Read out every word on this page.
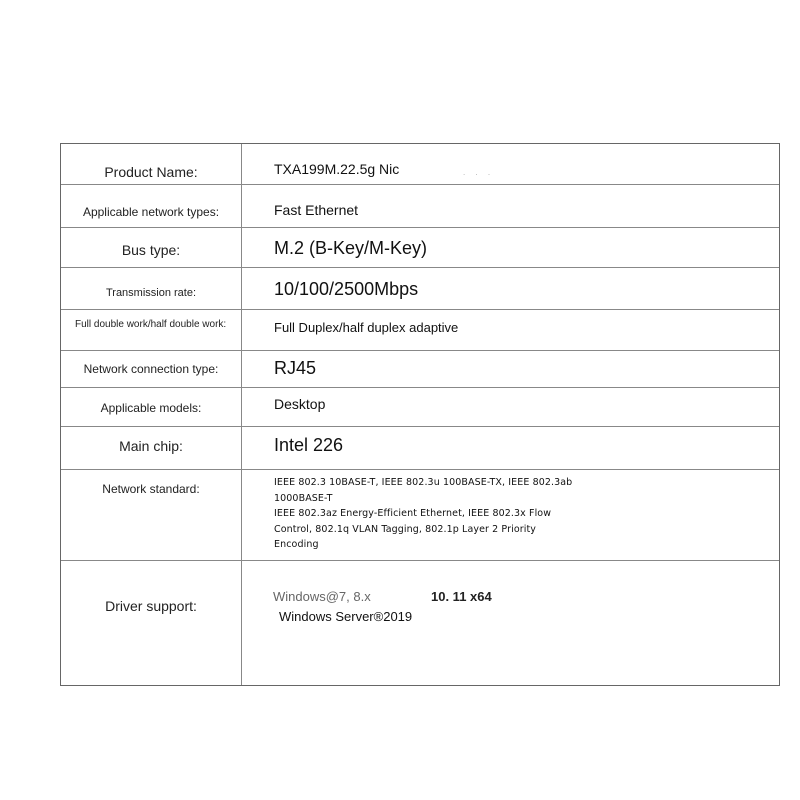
Product Name:	TXA199M.22.5g Nic	. . .
Applicable network types:	Fast Ethernet
Bus type:	M.2 (B-Key/M-Key)
Transmission rate:	10/100/2500Mbps
Full double work/half double work:	Full Duplex/half duplex adaptive
Network connection type:	RJ45
Applicable models:	Desktop
Main chip:	Intel 226
Network standard:	IEEE 802.3 10BASE-T, IEEE 802.3u 100BASE-TX, IEEE 802.3ab
1000BASE-T
IEEE 802.3az Energy-Efficient Ethernet, IEEE 802.3x Flow
Control, 802.1q VLAN Tagging, 802.1p Layer 2 Priority
Encoding
Driver support:
Windows@7, 8.x	10. 11 x64
Windows Server®2019
